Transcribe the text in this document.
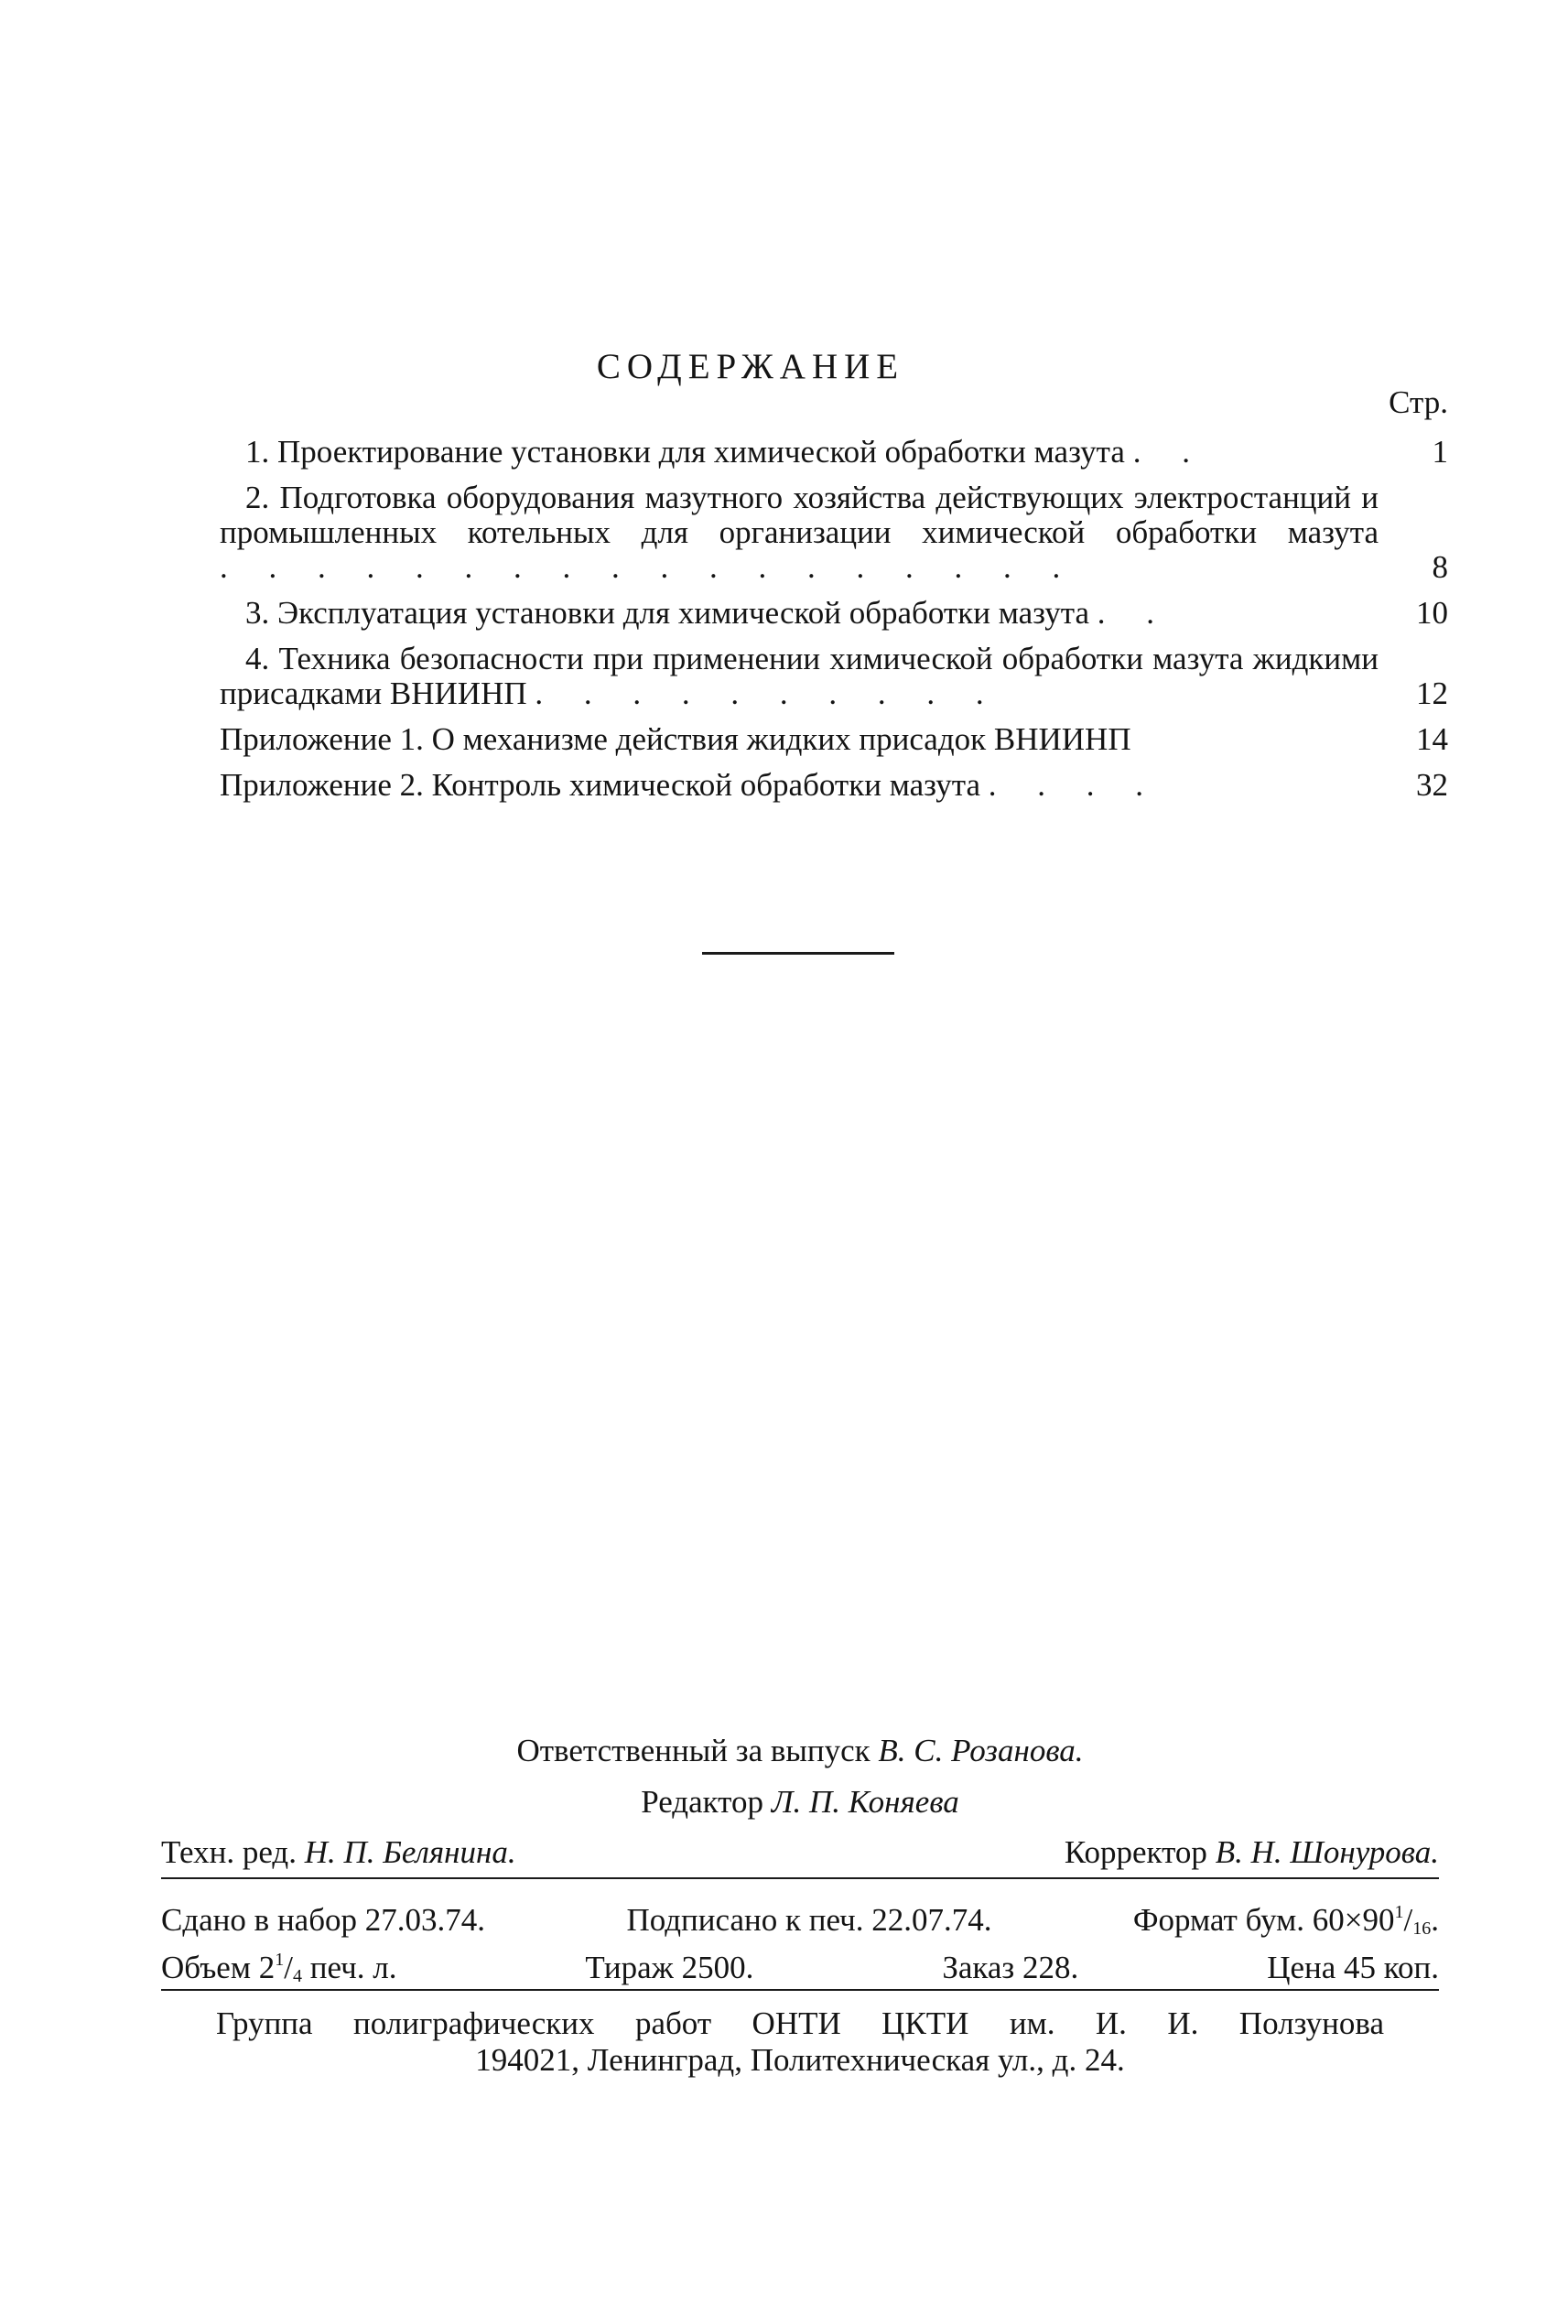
СОДЕРЖАНИЕ
Стр.
1. Проектирование установки для химической обработки мазута . .	1
2. Подготовка оборудования мазутного хозяйства действующих электростанций и промышленных котельных для организации химической обработки мазута . . . . . . . . . . . . . . . . . .	8
3. Эксплуатация установки для химической обработки мазута . .	10
4. Техника безопасности при применении химической обработки мазута жидкими присадками ВНИИНП . . . . . . . . . .	12
Приложение 1. О механизме действия жидких присадок ВНИИНП	14
Приложение 2. Контроль химической обработки мазута . . . .	32
Ответственный за выпуск В. С. Розанова.
Редактор Л. П. Коняева
Техн. ред. Н. П. Белянина.	Корректор В. Н. Шонурова.
Сдано в набор 27.03.74.	Подписано к печ. 22.07.74.	Формат бум. $60\times 90^1/_{16}$.
Объем $2^1/_4$ печ. л.	Тираж 2500.	Заказ 228.	Цена 45 коп.
Группа полиграфических работ ОНТИ ЦКТИ им. И. И. Ползунова
194021, Ленинград, Политехническая ул., д. 24.
